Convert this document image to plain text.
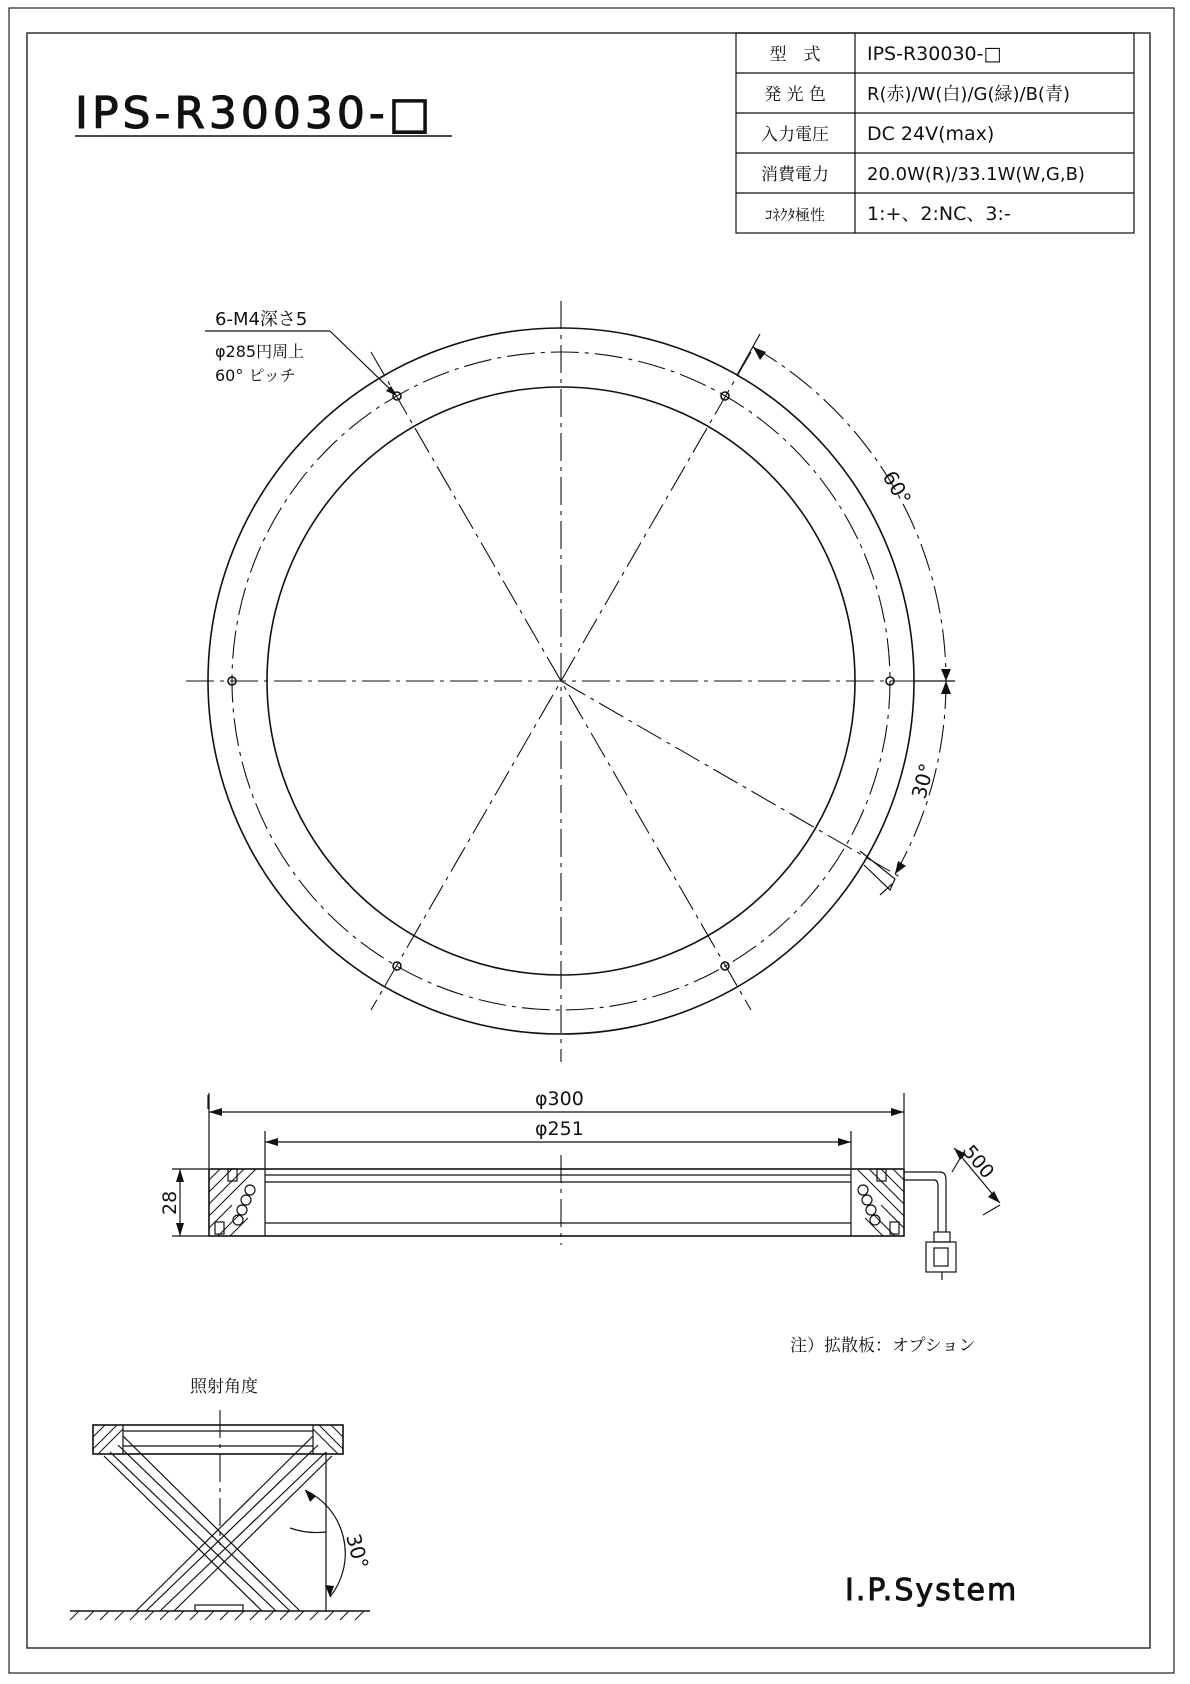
IPS-R30030-□
型　式 IPS-R30030-□
発 光 色 R(赤)/W(白)/G(緑)/B(青)
入力電圧 DC 24V(max)
消費電力 20.0W(R)/33.1W(W,G,B)
ｺﾈｸﾀ極性 1:+、2:NC、3:-
6-M4深さ5
φ285円周上
60° ピッチ
60°
30°
φ300
φ251
28
500
注）拡散板：オプション
照射角度
30°
I.P.System
